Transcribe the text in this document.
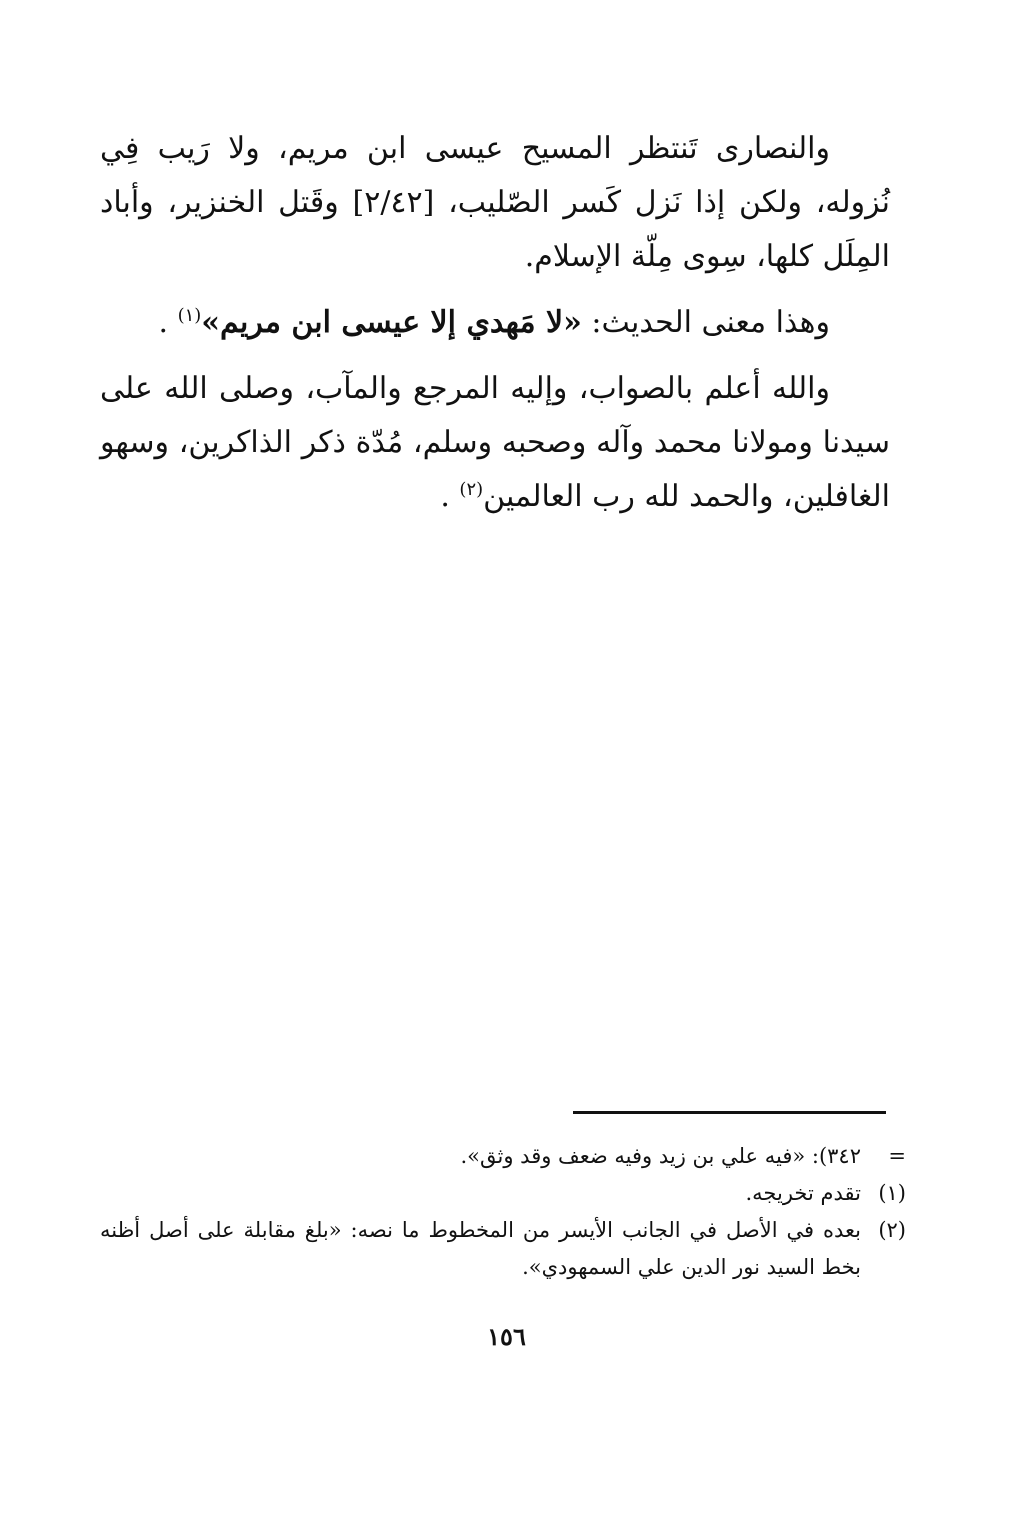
والنصارى تَنتظر المسيح عيسى ابن مريم، ولا رَيب فِي نُزوله، ولكن إذا نَزل كَسر الصّليب، [٢/٤٢] وقَتل الخنزير، وأباد المِلَل كلها، سِوى مِلّة الإسلام.

وهذا معنى الحديث: «لا مَهدي إلا عيسى ابن مريم»$^{(١)}$ .

والله أعلم بالصواب، وإليه المرجع والمآب، وصلى الله على سيدنا ومولانا محمد وآله وصحبه وسلم، مُدّة ذكر الذاكرين، وسهو الغافلين، والحمد لله رب العالمين$^{(٢)}$ .

=
٣٤٢): «فيه علي بن زيد وفيه ضعف وقد وثق».
(١)
تقدم تخريجه.
(٢)
بعده في الأصل في الجانب الأيسر من المخطوط ما نصه: «بلغ مقابلة على أصل أظنه بخط السيد نور الدين علي السمهودي».
١٥٦
